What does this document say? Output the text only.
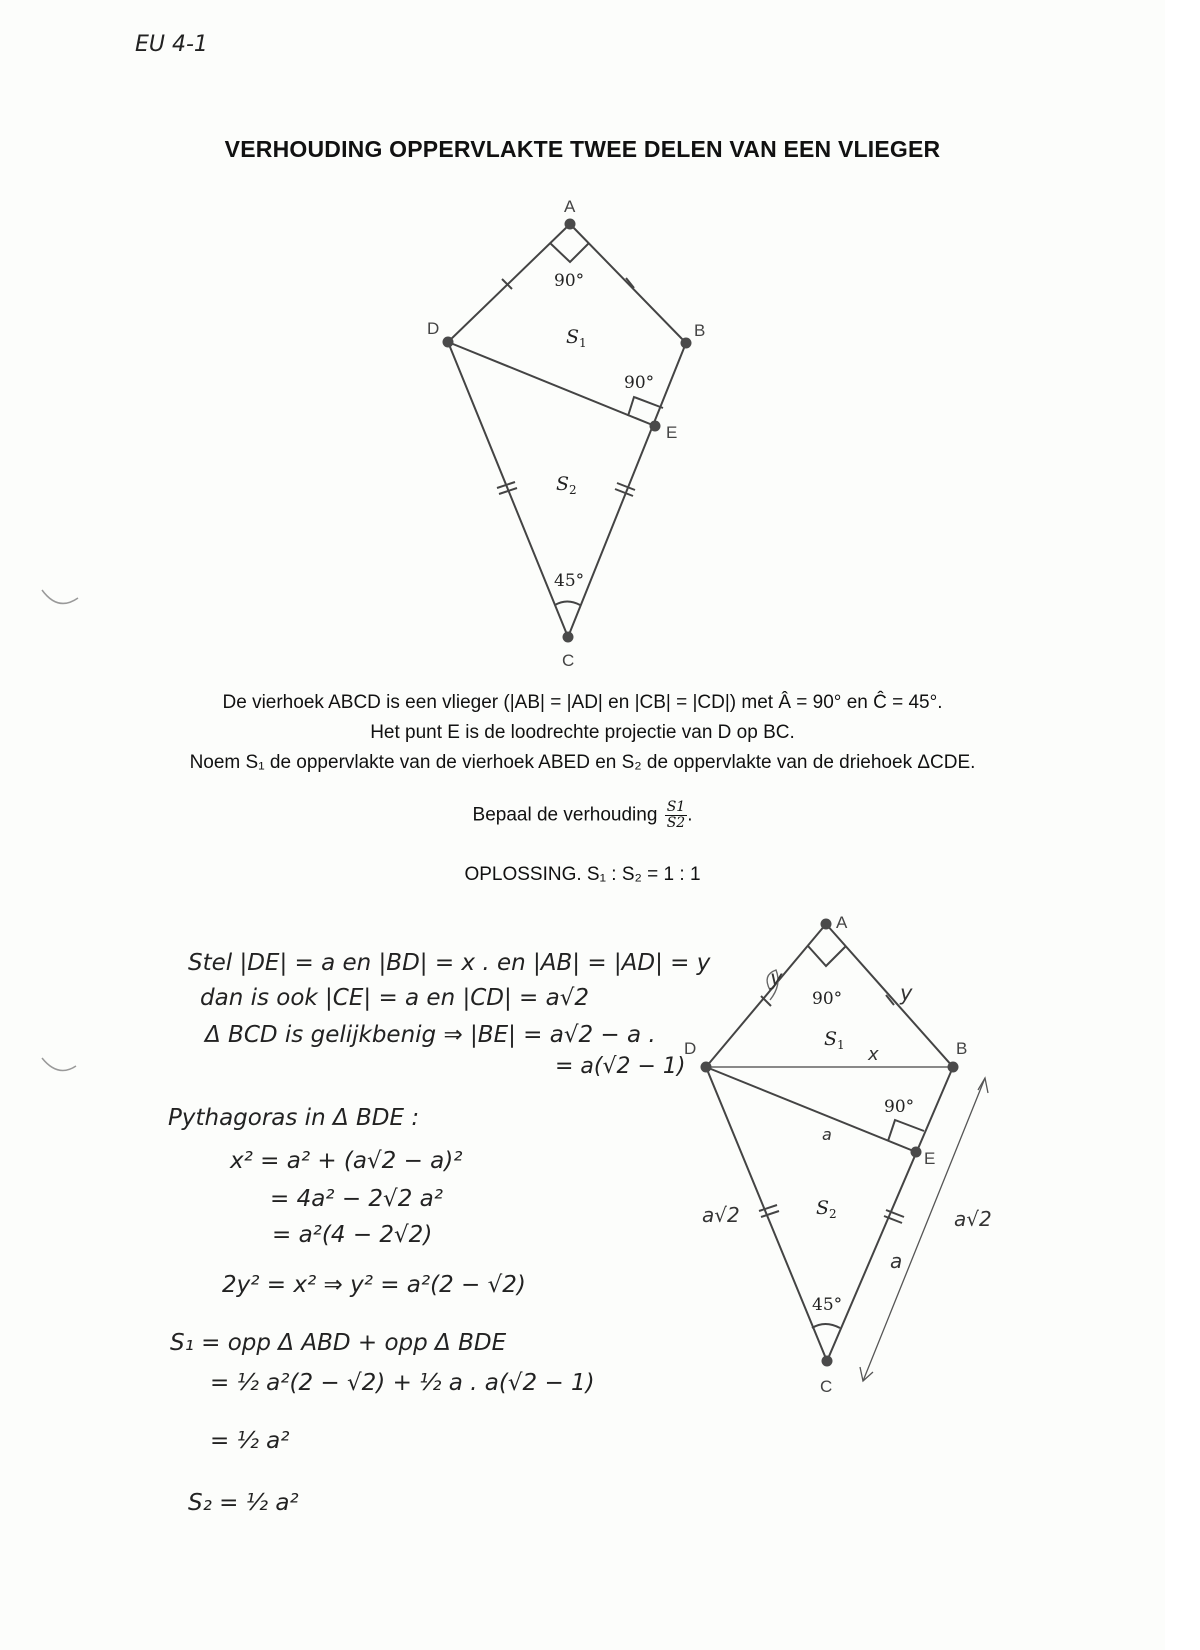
EU 4-1
VERHOUDING OPPERVLAKTE TWEE DELEN VAN EEN VLIEGER
A
D	B
E
C
90°
90°
45°
$S_1$
$S_2$
A
D	B
E
C
90°
90°
45°
$S_1$
$S_2$
y
y
x
a
a√2
a
a√2
De vierhoek ABCD is een vlieger (|AB| = |AD| en |CB| = |CD|) met Â = 90° en Ĉ = 45°.
Het punt E is de loodrechte projectie van D op BC.
Noem S₁ de oppervlakte van de vierhoek ABED en S₂ de oppervlakte van de driehoek ΔCDE.
Bepaal de verhouding $\frac{S1}{S2}$ .
OPLOSSING. S₁ : S₂ = 1 : 1
Stel |DE| = a en |BD| = x . en |AB| = |AD| = y
dan is ook |CE| = a en |CD| = a√2
Δ BCD is gelijkbenig ⇒ |BE| = a√2 − a .
= a(√2 − 1)
Pythagoras in Δ BDE :
x² = a² + (a√2 − a)²
= 4a² − 2√2 a²
= a²(4 − 2√2)
2y² = x² ⇒ y² = a²(2 − √2)
S₁ = opp Δ ABD + opp Δ BDE
= ½ a²(2 − √2) + ½ a . a(√2 − 1)
= ½ a²
S₂ = ½ a²
